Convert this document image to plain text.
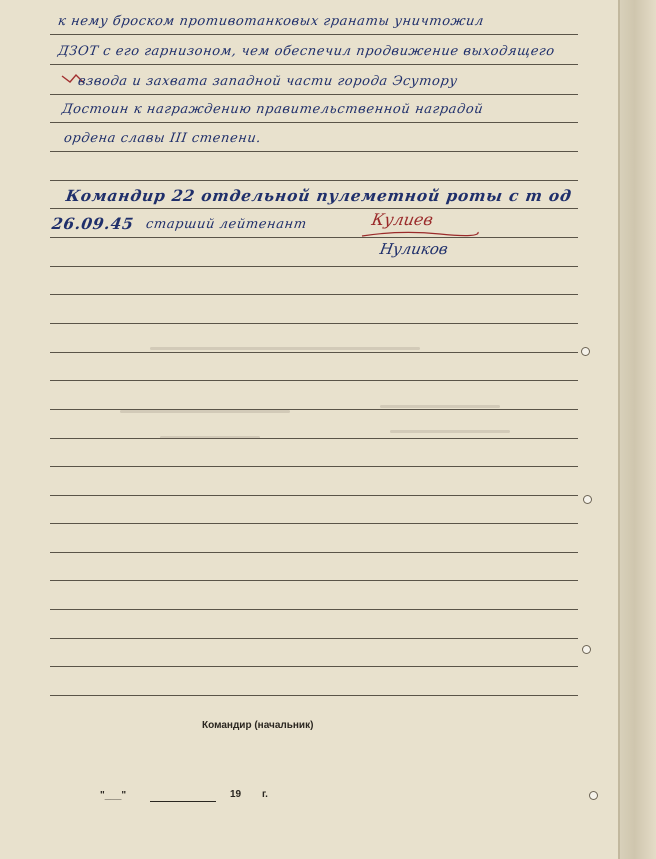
к нему броском противотанковых гранаты уничтожил
ДЗОТ с его гарнизоном, чем обеспечил продвижение выходящего
взвода и захвата западной части города Эсутору
Достоин к награждению правительственной наградой
ордена славы III степени.
Командир 22 отдельной пулеметной роты с т од
26.09.45 старший лейтенант	Кулиев
Нуликов
Командир (начальник)
"___"	19 г.
